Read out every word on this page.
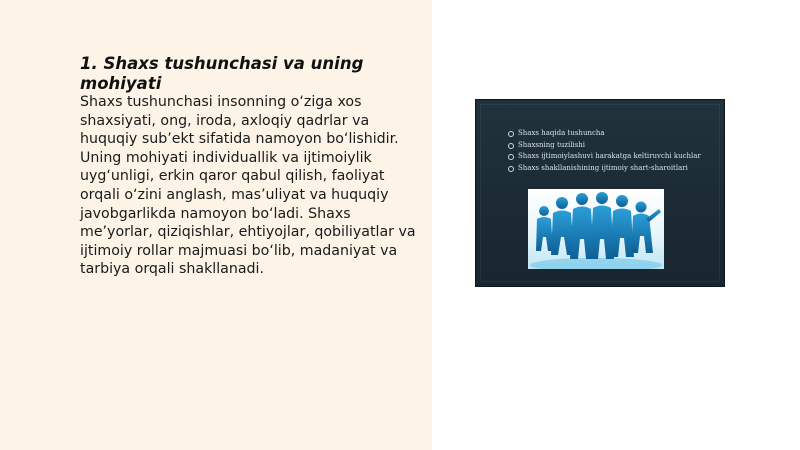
1. Shaxs tushunchasi va uning mohiyati

Shaxs tushunchasi insonning o‘ziga xos shaxsiyati, ong, iroda, axloqiy qadrlar va huquqiy sub’ekt sifatida namoyon bo‘lishidir. Uning mohiyati individuallik va ijtimoiylik uyg‘unligi, erkin qaror qabul qilish, faoliyat orqali o‘zini anglash, mas’uliyat va huquqiy javobgarlikda namoyon bo‘ladi. Shaxs me’yorlar, qiziqishlar, ehtiyojlar, qobiliyatlar va ijtimoiy rollar majmuasi bo‘lib, madaniyat va tarbiya orqali shakllanadi.

Shaxs haqida tushuncha
Shaxsning tuzilishi
Shaxs ijtimoiylashuvi harakatga keltiruvchi kuchlar
Shaxs shakllanishining ijtimoiy shart-sharoitlari
